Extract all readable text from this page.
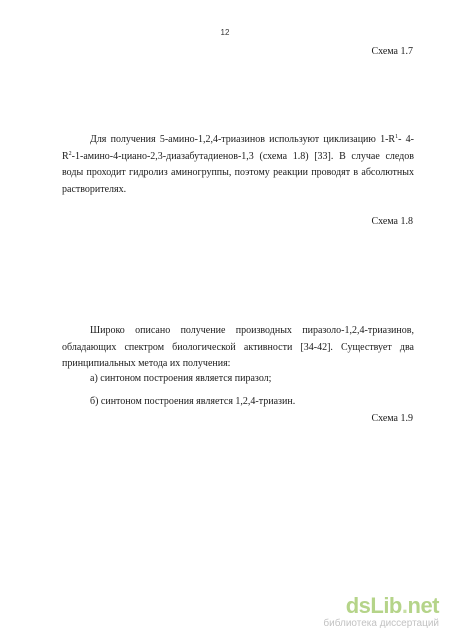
12
Схема 1.7
Для получения 5-амино-1,2,4-триазинов используют циклизацию $1-R^1-$ $4-R^2-1-амино-4-циано-2,3-диазабутадиенов-1,3$ (схема 1.8) [33]. В случае следов воды проходит гидролиз аминогруппы, поэтому реакции проводят в абсолютных растворителях.
Схема 1.8
Широко описано получение производных пиразоло-1,2,4-триазинов, обладающих спектром биологической активности [34-42]. Существует два принципиальных метода их получения:
а) синтоном построения является пиразол;
б) синтоном построения является 1,2,4-триазин.
Схема 1.9
dsLib.net
библиотека диссертаций
